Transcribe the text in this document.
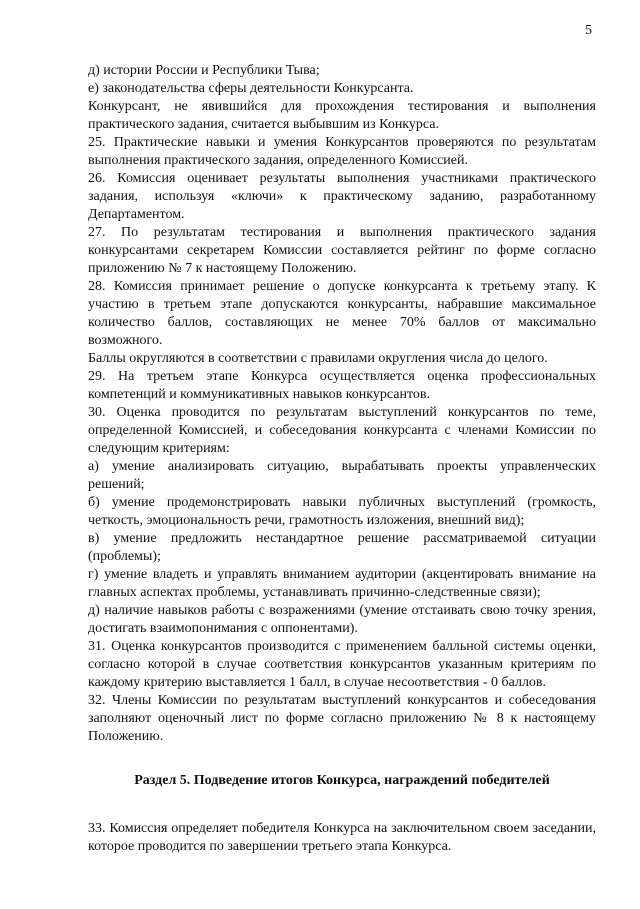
5

д) истории России и Республики Тыва;

е) законодательства сферы деятельности Конкурсанта.

Конкурсант, не явившийся для прохождения тестирования и выполнения практического задания, считается выбывшим из Конкурса.

25. Практические навыки и умения Конкурсантов проверяются по результатам выполнения практического задания, определенного Комиссией.

26. Комиссия оценивает результаты выполнения участниками практического задания, используя «ключи» к практическому заданию, разработанному Департаментом.

27. По результатам тестирования и выполнения практического задания конкурсантами секретарем Комиссии составляется рейтинг по форме согласно приложению № 7 к настоящему Положению.

28. Комиссия принимает решение о допуске конкурсанта к третьему этапу. К участию в третьем этапе допускаются конкурсанты, набравшие максимальное количество баллов, составляющих не менее 70% баллов от максимально возможного.

Баллы округляются в соответствии с правилами округления числа до целого.

29. На третьем этапе Конкурса осуществляется оценка профессиональных компетенций и коммуникативных навыков конкурсантов.

30. Оценка проводится по результатам выступлений конкурсантов по теме, определенной Комиссией, и собеседования конкурсанта с членами Комиссии по следующим критериям:

а) умение анализировать ситуацию, вырабатывать проекты управленческих решений;

б) умение продемонстрировать навыки публичных выступлений (громкость, четкость, эмоциональность речи, грамотность изложения, внешний вид);

в) умение предложить нестандартное решение рассматриваемой ситуации (проблемы);

г) умение владеть и управлять вниманием аудитории (акцентировать внимание на главных аспектах проблемы, устанавливать причинно-следственные связи);

д) наличие навыков работы с возражениями (умение отстаивать свою точку зрения, достигать взаимопонимания с оппонентами).

31. Оценка конкурсантов производится с применением балльной системы оценки, согласно которой в случае соответствия конкурсантов указанным критериям по каждому критерию выставляется 1 балл, в случае несоответствия - 0 баллов.

32. Члены Комиссии по результатам выступлений конкурсантов и собеседования заполняют оценочный лист по форме согласно приложению № 8 к настоящему Положению.

Раздел 5. Подведение итогов Конкурса, награждений победителей

33. Комиссия определяет победителя Конкурса на заключительном своем заседании, которое проводится по завершении третьего этапа Конкурса.
